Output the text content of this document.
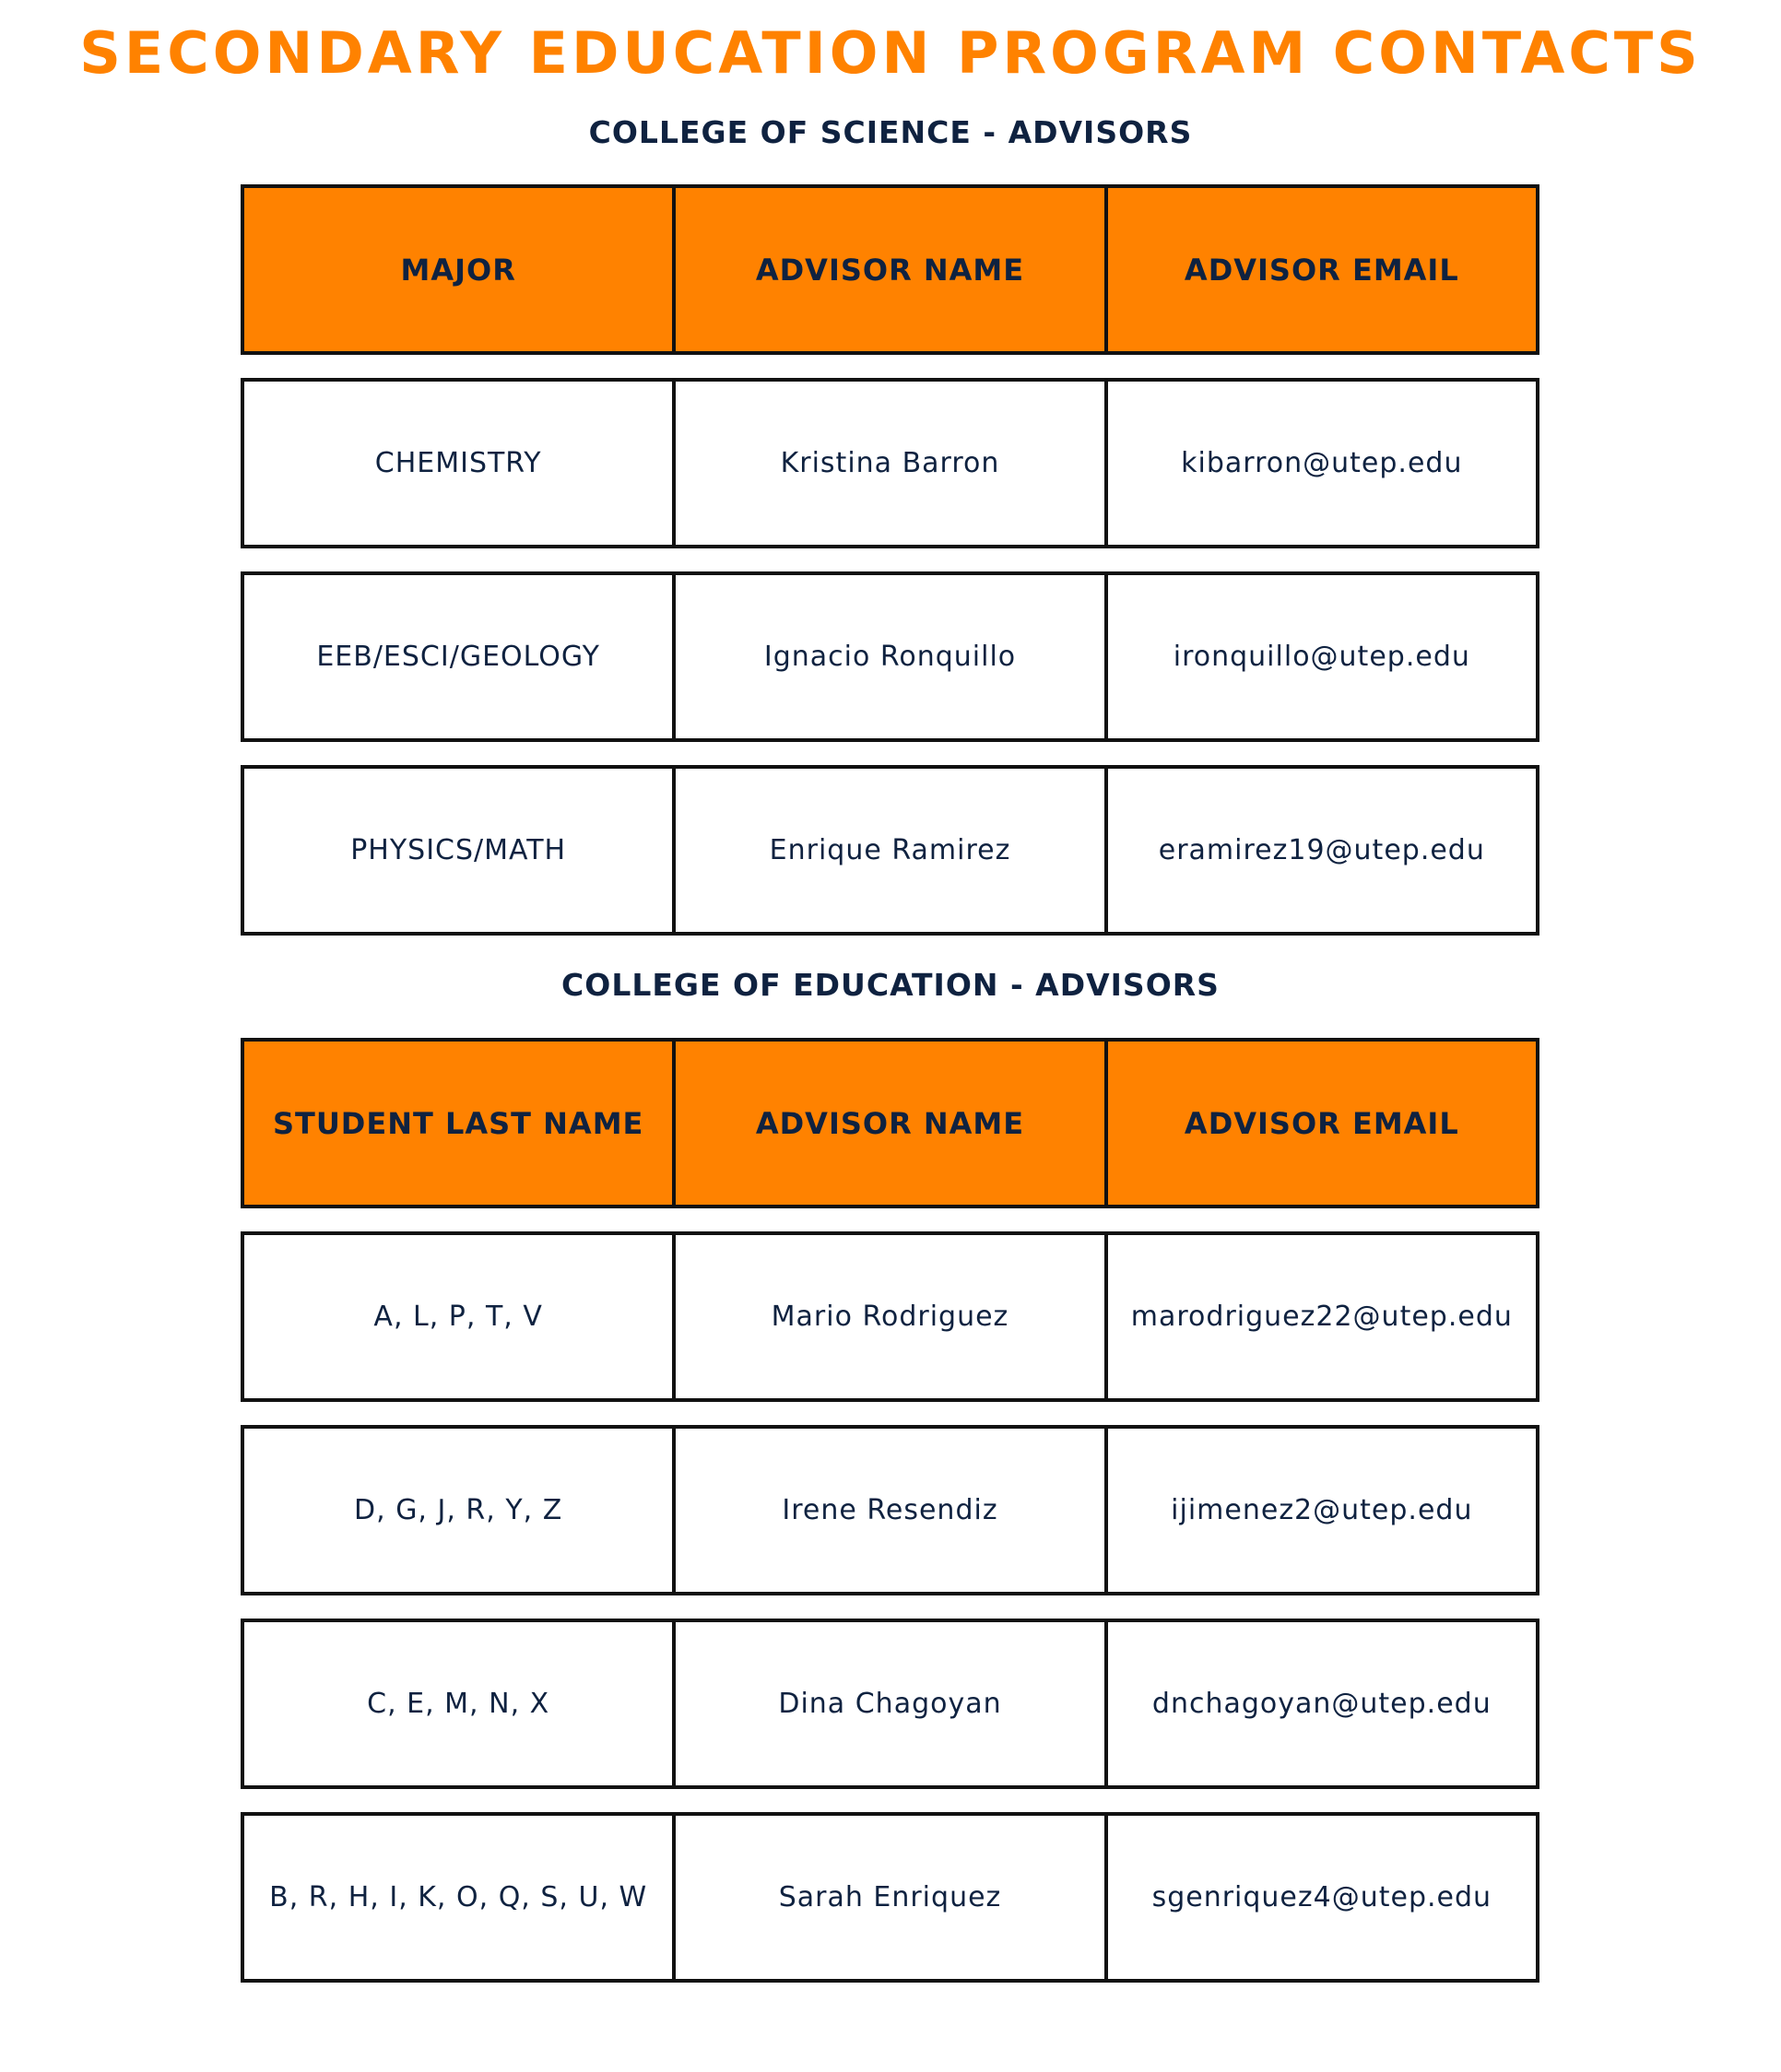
SECONDARY EDUCATION PROGRAM CONTACTS
COLLEGE OF SCIENCE - ADVISORS
MAJOR	ADVISOR NAME	ADVISOR EMAIL
CHEMISTRY	Kristina Barron	kibarron@utep.edu
EEB/ESCI/GEOLOGY	Ignacio Ronquillo	ironquillo@utep.edu
PHYSICS/MATH	Enrique Ramirez	eramirez19@utep.edu
COLLEGE OF EDUCATION - ADVISORS
STUDENT LAST NAME	ADVISOR NAME	ADVISOR EMAIL
A, L, P, T, V	Mario Rodriguez	marodriguez22@utep.edu
D, G, J, R, Y, Z	Irene Resendiz	ijimenez2@utep.edu
C, E, M, N, X	Dina Chagoyan	dnchagoyan@utep.edu
B, R, H, I, K, O, Q, S, U, W	Sarah Enriquez	sgenriquez4@utep.edu
